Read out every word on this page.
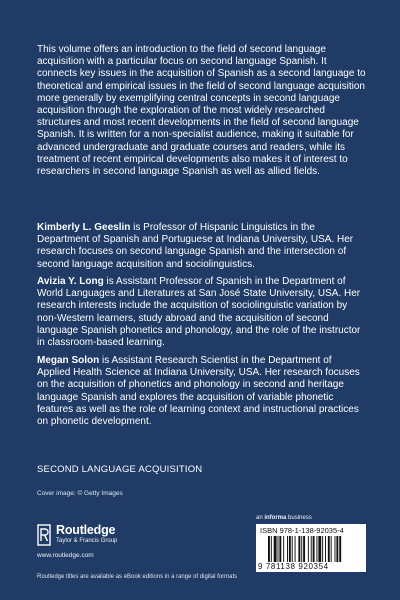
This volume offers an introduction to the field of second language acquisition with a particular focus on second language Spanish. It connects key issues in the acquisition of Spanish as a second language to theoretical and empirical issues in the field of second language acquisition more generally by exemplifying central concepts in second language acquisition through the exploration of the most widely researched structures and most recent developments in the field of second language Spanish. It is written for a non-specialist audience, making it suitable for advanced undergraduate and graduate courses and readers, while its treatment of recent empirical developments also makes it of interest to researchers in second language Spanish as well as allied fields.

Kimberly L. Geeslin is Professor of Hispanic Linguistics in the Department of Spanish and Portuguese at Indiana University, USA. Her research focuses on second language Spanish and the intersection of second language acquisition and sociolinguistics.

Avizia Y. Long is Assistant Professor of Spanish in the Department of World Languages and Literatures at San José State University, USA. Her research interests include the acquisition of sociolinguistic variation by non-Western learners, study abroad and the acquisition of second language Spanish phonetics and phonology, and the role of the instructor in classroom-based learning.

Megan Solon is Assistant Research Scientist in the Department of Applied Health Science at Indiana University, USA. Her research focuses on the acquisition of phonetics and phonology in second and heritage language Spanish and explores the acquisition of variable phonetic features as well as the role of learning context and instructional practices on phonetic development.

SECOND LANGUAGE ACQUISITION
Cover image: © Getty Images
Routledge
Taylor & Francis Group
www.routledge.com
Routledge titles are available as eBook editions in a range of digital formats
an informa business
ISBN 978-1-138-92035-4
9 781138 920354
